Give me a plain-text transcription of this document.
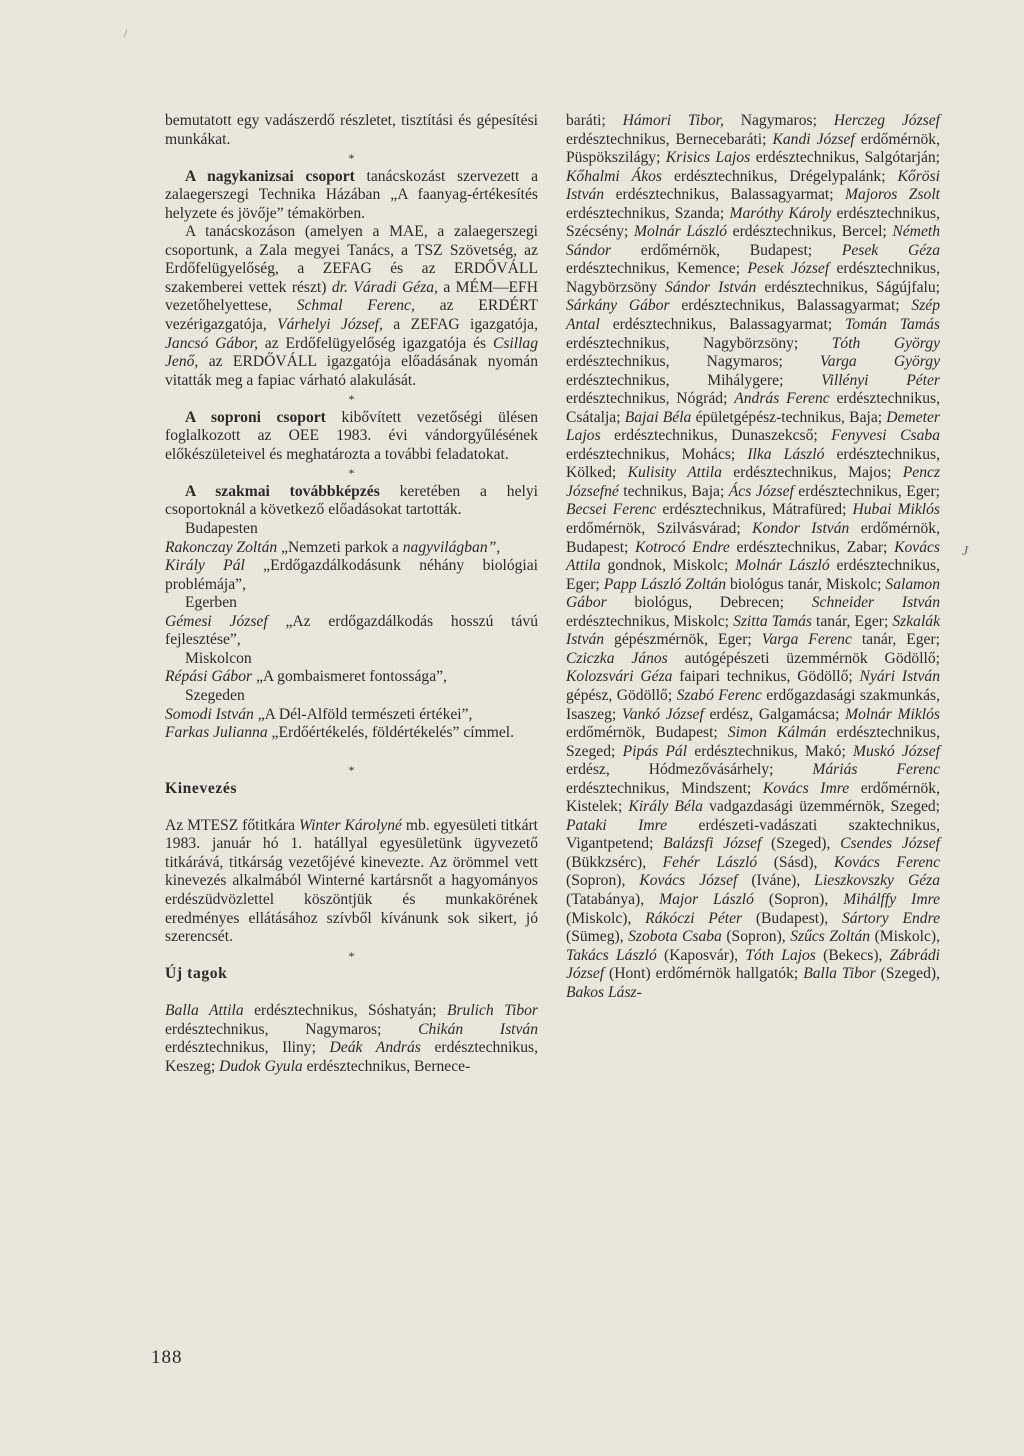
/
J

bemutatott egy vadászerdő részletet, tisztítási és gépesítési munkákat.

*

A nagykanizsai csoport tanácskozást szervezett a zalaegerszegi Technika Házában „A faanyag-értékesítés helyzete és jövője” témakörben.

A tanácskozáson (amelyen a MAE, a zalaegerszegi csoportunk, a Zala megyei Tanács, a TSZ Szövetség, az Erdőfelügyelőség, a ZEFAG és az ERDŐVÁLL szakemberei vettek részt) dr. Váradi Géza, a MÉM—EFH vezetőhelyettese, Schmal Ferenc, az ERDÉRT vezérigazgatója, Várhelyi József, a ZEFAG igazgatója, Jancsó Gábor, az Erdőfelügyelőség igazgatója és Csillag Jenő, az ERDŐVÁLL igazgatója előadásának nyomán vitatták meg a fapiac várható alakulását.

*

A soproni csoport kibővített vezetőségi ülésen foglalkozott az OEE 1983. évi vándorgyűlésének előkészületeivel és meghatározta a további feladatokat.

*

A szakmai továbbképzés keretében a helyi csoportoknál a következő előadásokat tartották.

Budapesten

Rakonczay Zoltán „Nemzeti parkok a nagyvilágban”,

Király Pál „Erdőgazdálkodásunk néhány biológiai problémája”,

Egerben

Gémesi József „Az erdőgazdálkodás hosszú távú fejlesztése”,

Miskolcon

Répási Gábor „A gombaismeret fontossága”,

Szegeden

Somodi István „A Dél-Alföld természeti értékei”,

Farkas Julianna „Erdőértékelés, földértékelés” címmel.

*
Kinevezés

Az MTESZ főtitkára Winter Károlyné mb. egyesületi titkárt 1983. január hó 1. hatállyal egyesületünk ügyvezető titkárává, titkárság vezetőjévé kinevezte. Az örömmel vett kinevezés alkalmából Winterné kartársnőt a hagyományos erdészüdvözlettel köszöntjük és munkakörének eredményes ellátásához szívből kívánunk sok sikert, jó szerencsét.

*
Új tagok

Balla Attila erdésztechnikus, Sóshatyán; Brulich Tibor erdésztechnikus, Nagymaros; Chikán István erdésztechnikus, Iliny; Deák András erdésztechnikus, Keszeg; Dudok Gyula erdésztechnikus, Bernece-

baráti; Hámori Tibor, Nagymaros; Herczeg József erdésztechnikus, Bernecebaráti; Kandi József erdőmérnök, Püspökszilágy; Krisics Lajos erdésztechnikus, Salgótarján; Kőhalmi Ákos erdésztechnikus, Drégelypalánk; Kőrösi István erdésztechnikus, Balassagyarmat; Majoros Zsolt erdésztechnikus, Szanda; Maróthy Károly erdésztechnikus, Szécsény; Molnár László erdésztechnikus, Bercel; Németh Sándor erdőmérnök, Budapest; Pesek Géza erdésztechnikus, Kemence; Pesek József erdésztechnikus, Nagybörzsöny Sándor István erdésztechnikus, Ságújfalu; Sárkány Gábor erdésztechnikus, Balassagyarmat; Szép Antal erdésztechnikus, Balassagyarmat; Tomán Tamás erdésztechnikus, Nagybörzsöny; Tóth György erdésztechnikus, Nagymaros; Varga György erdésztechnikus, Mihálygere; Villényi Péter erdésztechnikus, Nógrád; András Ferenc erdésztechnikus, Csátalja; Bajai Béla épületgépész-technikus, Baja; Demeter Lajos erdésztechnikus, Dunaszekcső; Fenyvesi Csaba erdésztechnikus, Mohács; Ilka László erdésztechnikus, Kölked; Kulisity Attila erdésztechnikus, Majos; Pencz Józsefné technikus, Baja; Ács József erdésztechnikus, Eger; Becsei Ferenc erdésztechnikus, Mátrafüred; Hubai Miklós erdőmérnök, Szilvásvárad; Kondor István erdőmérnök, Budapest; Kotrocó Endre erdésztechnikus, Zabar; Kovács Attila gondnok, Miskolc; Molnár László erdésztechnikus, Eger; Papp László Zoltán biológus tanár, Miskolc; Salamon Gábor biológus, Debrecen; Schneider István erdésztechnikus, Miskolc; Szitta Tamás tanár, Eger; Szkalák István gépészmérnök, Eger; Varga Ferenc tanár, Eger; Cziczka János autógépészeti üzemmérnök Gödöllő; Kolozsvári Géza faipari technikus, Gödöllő; Nyári István gépész, Gödöllő; Szabó Ferenc erdőgazdasági szakmunkás, Isaszeg; Vankó József erdész, Galgamácsa; Molnár Miklós erdőmérnök, Budapest; Simon Kálmán erdésztechnikus, Szeged; Pipás Pál erdésztechnikus, Makó; Muskó József erdész, Hódmezővásárhely; Máriás Ferenc erdésztechnikus, Mindszent; Kovács Imre erdőmérnök, Kistelek; Király Béla vadgazdasági üzemmérnök, Szeged; Pataki Imre erdészeti-vadászati szaktechnikus, Vigantpetend; Balázsfi József (Szeged), Csendes József (Bükkzsérc), Fehér László (Sásd), Kovács Ferenc (Sopron), Kovács József (Iváne), Lieszkovszky Géza (Tatabánya), Major László (Sopron), Mihálffy Imre (Miskolc), Rákóczi Péter (Budapest), Sártory Endre (Sümeg), Szobota Csaba (Sopron), Szűcs Zoltán (Miskolc), Takács László (Kaposvár), Tóth Lajos (Bekecs), Zábrádi József (Hont) erdőmérnök hallgatók; Balla Tibor (Szeged), Bakos Lász-

188
